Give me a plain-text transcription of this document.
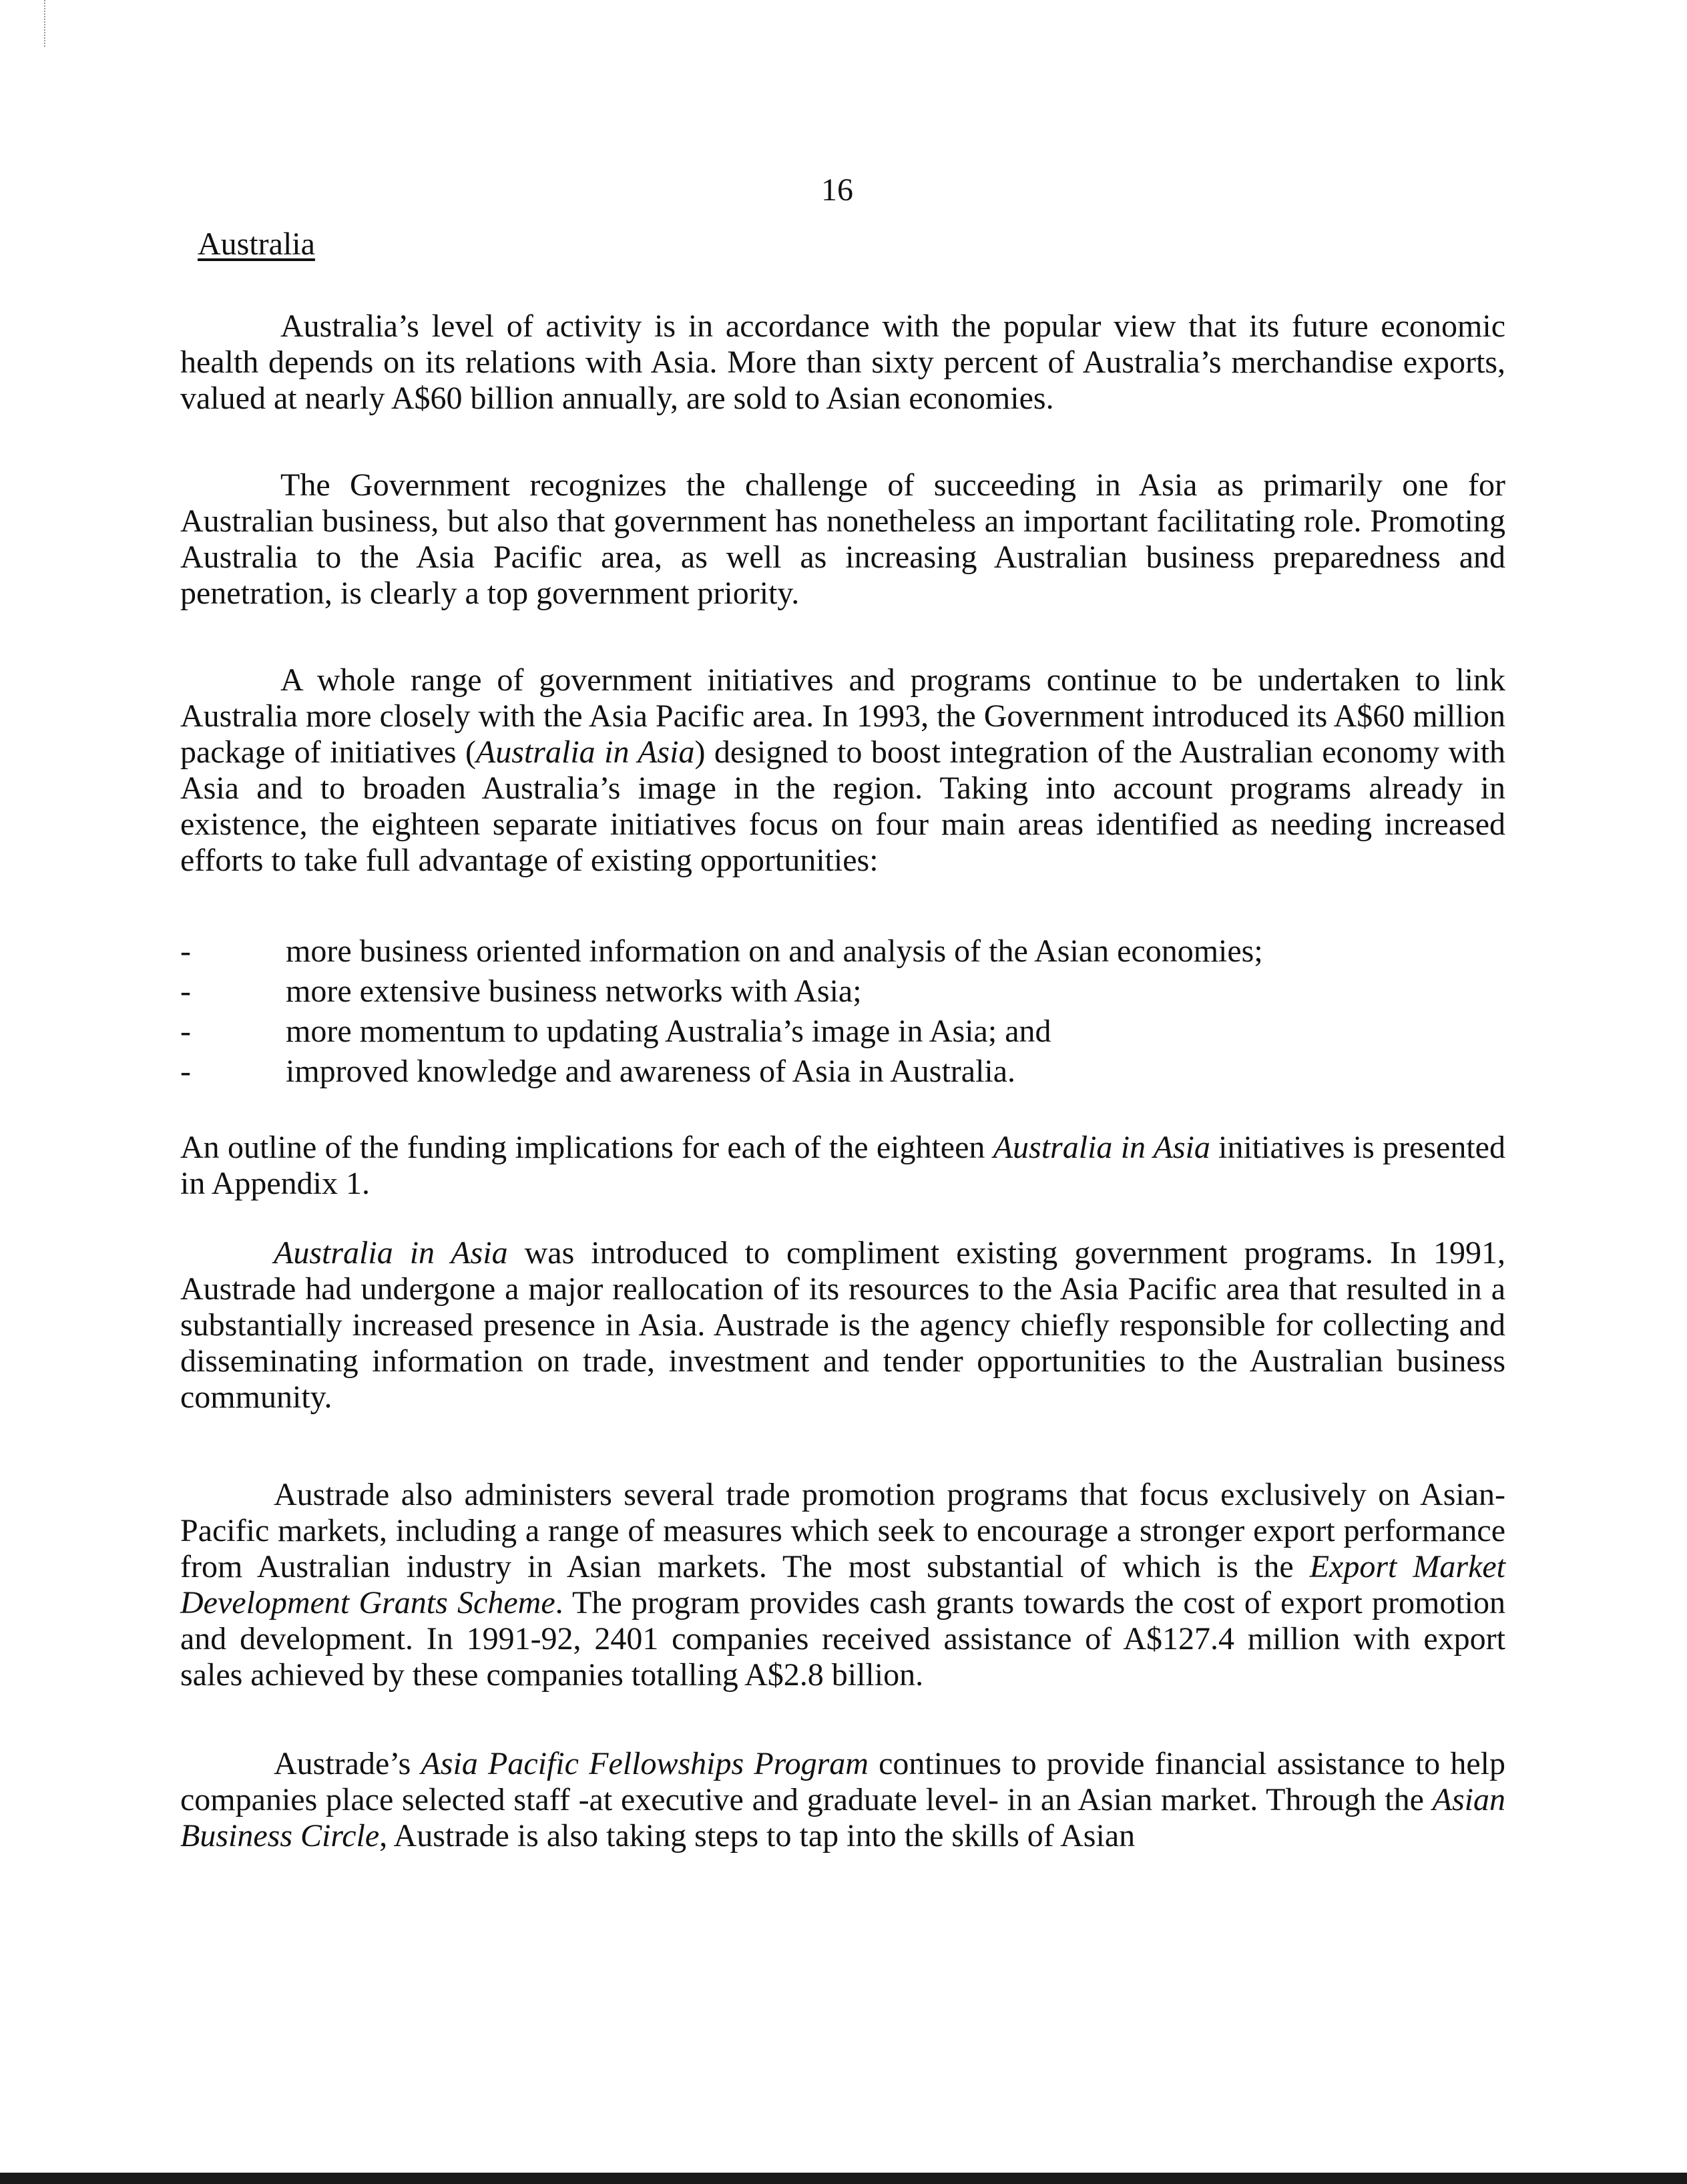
16
Australia

Australia’s level of activity is in accordance with the popular view that its future economic health depends on its relations with Asia. More than sixty percent of Australia’s merchandise exports, valued at nearly A$60 billion annually, are sold to Asian economies.

The Government recognizes the challenge of succeeding in Asia as primarily one for Australian business, but also that government has nonetheless an important facilitating role. Promoting Australia to the Asia Pacific area, as well as increasing Australian business preparedness and penetration, is clearly a top government priority.

A whole range of government initiatives and programs continue to be undertaken to link Australia more closely with the Asia Pacific area. In 1993, the Government introduced its A$60 million package of initiatives (Australia in Asia) designed to boost integration of the Australian economy with Asia and to broaden Australia’s image in the region. Taking into account programs already in existence, the eighteen separate initiatives focus on four main areas identified as needing increased efforts to take full advantage of existing opportunities:

-	more business oriented information on and analysis of the Asian economies;
-	more extensive business networks with Asia;
-	more momentum to updating Australia’s image in Asia; and
-	improved knowledge and awareness of Asia in Australia.

An outline of the funding implications for each of the eighteen Australia in Asia initiatives is presented in Appendix 1.

Australia in Asia was introduced to compliment existing government programs. In 1991, Austrade had undergone a major reallocation of its resources to the Asia Pacific area that resulted in a substantially increased presence in Asia. Austrade is the agency chiefly responsible for collecting and disseminating information on trade, investment and tender opportunities to the Australian business community.

Austrade also administers several trade promotion programs that focus exclusively on Asian-Pacific markets, including a range of measures which seek to encourage a stronger export performance from Australian industry in Asian markets. The most substantial of which is the Export Market Development Grants Scheme. The program provides cash grants towards the cost of export promotion and development. In 1991-92, 2401 companies received assistance of A$127.4 million with export sales achieved by these companies totalling A$2.8 billion.

Austrade’s Asia Pacific Fellowships Program continues to provide financial assistance to help companies place selected staff -at executive and graduate level- in an Asian market. Through the Asian Business Circle, Austrade is also taking steps to tap into the skills of Asian
